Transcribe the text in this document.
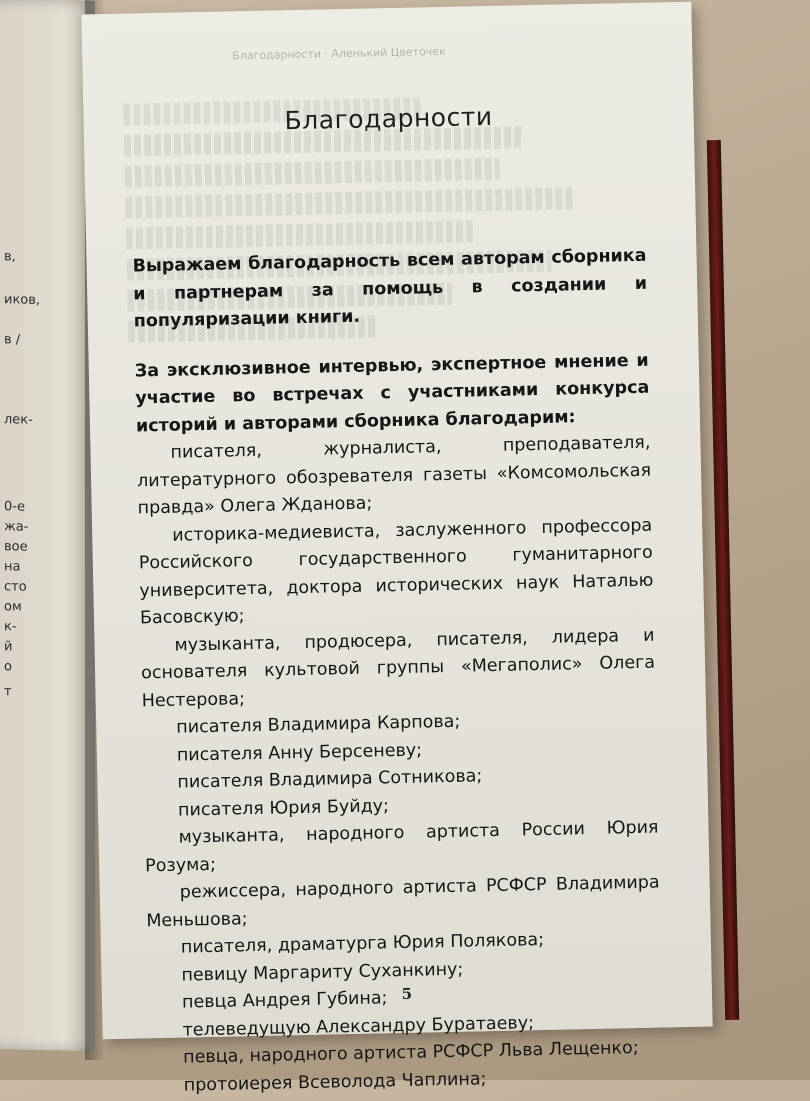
в,
иков,
в /
лек-
0-е
жа-
вое
на
сто
ом
к-
й
о
т
Благодарности · Аленький Цветочек
Благодарности

Выражаем благодарность всем авторам сборника и партнерам за помощь в создании и популяризации книги.

За эксклюзивное интервью, экспертное мнение и участие во встречах с участниками конкурса историй и авторами сборника благодарим:

писателя, журналиста, преподавателя, литературного обозревателя газеты «Комсомольская правда» Олега Жданова;
историка-медиевиста, заслуженного профессора Российского государственного гуманитарного университета, доктора исторических наук Наталью Басовскую;
музыканта, продюсера, писателя, лидера и основателя культовой группы «Мегаполис» Олега Нестерова;
писателя Владимира Карпова;
писателя Анну Берсеневу;
писателя Владимира Сотникова;
писателя Юрия Буйду;
музыканта, народного артиста России Юрия Розума;
режиссера, народного артиста РСФСР Владимира Меньшова;
писателя, драматурга Юрия Полякова;
певицу Маргариту Суханкину;
певца Андрея Губина;
телеведущую Александру Буратаеву;
певца, народного артиста РСФСР Льва Лещенко;
протоиерея Всеволода Чаплина;
5
